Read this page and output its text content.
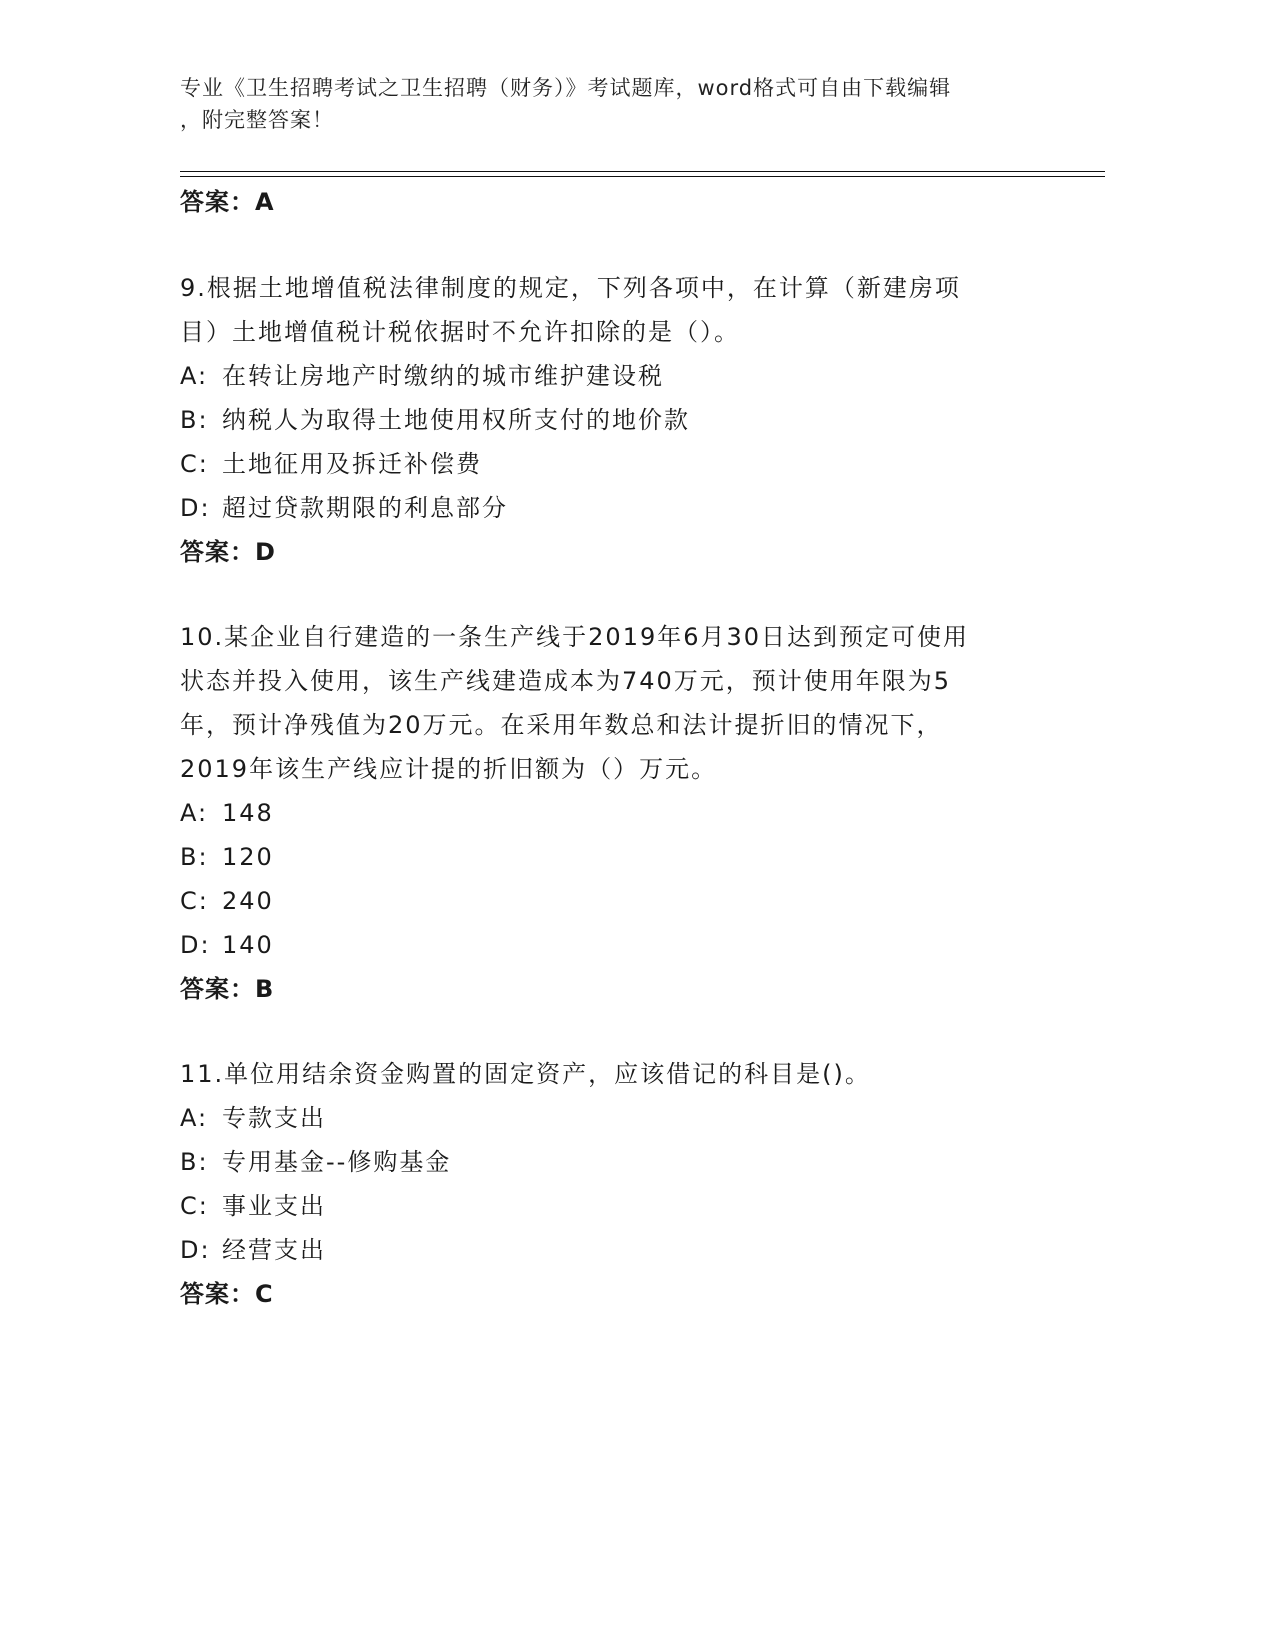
专业《卫生招聘考试之卫生招聘（财务）》考试题库，word格式可自由下载编辑
，附完整答案！
答案：A
9.根据土地增值税法律制度的规定，下列各项中，在计算（新建房项
目）土地增值税计税依据时不允许扣除的是（）。
A: 在转让房地产时缴纳的城市维护建设税
B: 纳税人为取得土地使用权所支付的地价款
C: 土地征用及拆迁补偿费
D: 超过贷款期限的利息部分
答案：D
10.某企业自行建造的一条生产线于2019年6月30日达到预定可使用
状态并投入使用，该生产线建造成本为740万元，预计使用年限为5
年，预计净残值为20万元。在采用年数总和法计提折旧的情况下，
2019年该生产线应计提的折旧额为（）万元。
A: 148
B: 120
C: 240
D: 140
答案：B
11.单位用结余资金购置的固定资产，应该借记的科目是()。
A: 专款支出
B: 专用基金--修购基金
C: 事业支出
D: 经营支出
答案：C
